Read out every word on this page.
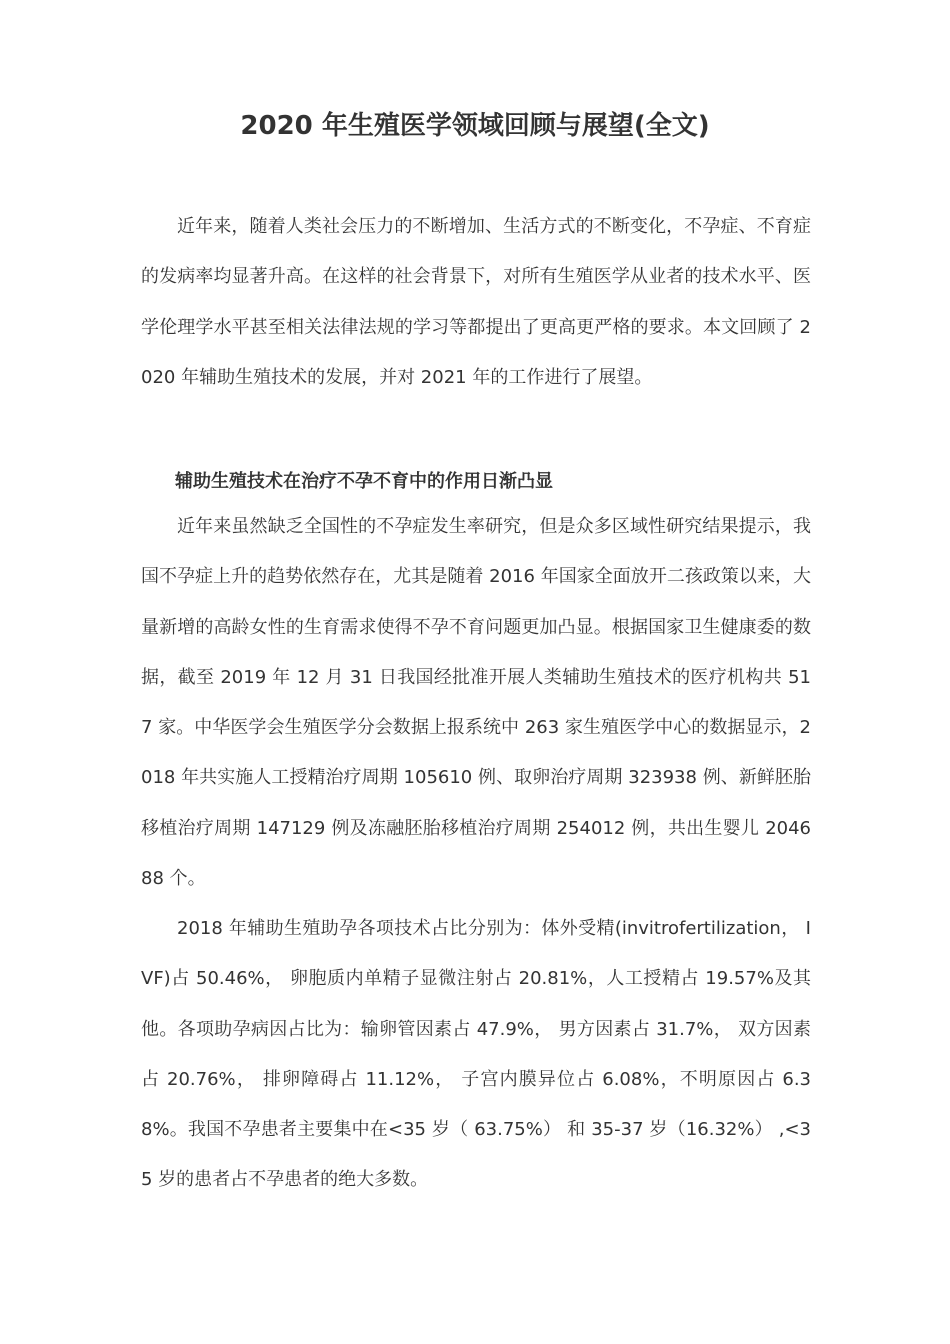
2020 年生殖医学领域回顾与展望(全文)

近年来，随着人类社会压力的不断增加、生活方式的不断变化，不孕症、不育症的发病率均显著升高。在这样的社会背景下，对所有生殖医学从业者的技术水平、医学伦理学水平甚至相关法律法规的学习等都提出了更高更严格的要求。本文回顾了 2020 年辅助生殖技术的发展，并对 2021 年的工作进行了展望。

辅助生殖技术在治疗不孕不育中的作用日渐凸显

近年来虽然缺乏全国性的不孕症发生率研究，但是众多区域性研究结果提示，我国不孕症上升的趋势依然存在，尤其是随着 2016 年国家全面放开二孩政策以来，大量新增的高龄女性的生育需求使得不孕不育问题更加凸显。根据国家卫生健康委的数据，截至 2019 年 12 月 31 日我国经批准开展人类辅助生殖技术的医疗机构共 517 家。中华医学会生殖医学分会数据上报系统中 263 家生殖医学中心的数据显示，2018 年共实施人工授精治疗周期 105610 例、取卵治疗周期 323938 例、新鲜胚胎移植治疗周期 147129 例及冻融胚胎移植治疗周期 254012 例，共出生婴儿 204688 个。

2018 年辅助生殖助孕各项技术占比分别为：体外受精(invitrofertilization， IVF)占 50.46%， 卵胞质内单精子显微注射占 20.81%，人工授精占 19.57%及其他。各项助孕病因占比为：输卵管因素占 47.9%， 男方因素占 31.7%， 双方因素占 20.76%， 排卵障碍占 11.12%， 子宫内膜异位占 6.08%，不明原因占 6.38%。我国不孕患者主要集中在<35 岁（ 63.75%） 和 35-37 岁（16.32%） ,<35 岁的患者占不孕患者的绝大多数。
